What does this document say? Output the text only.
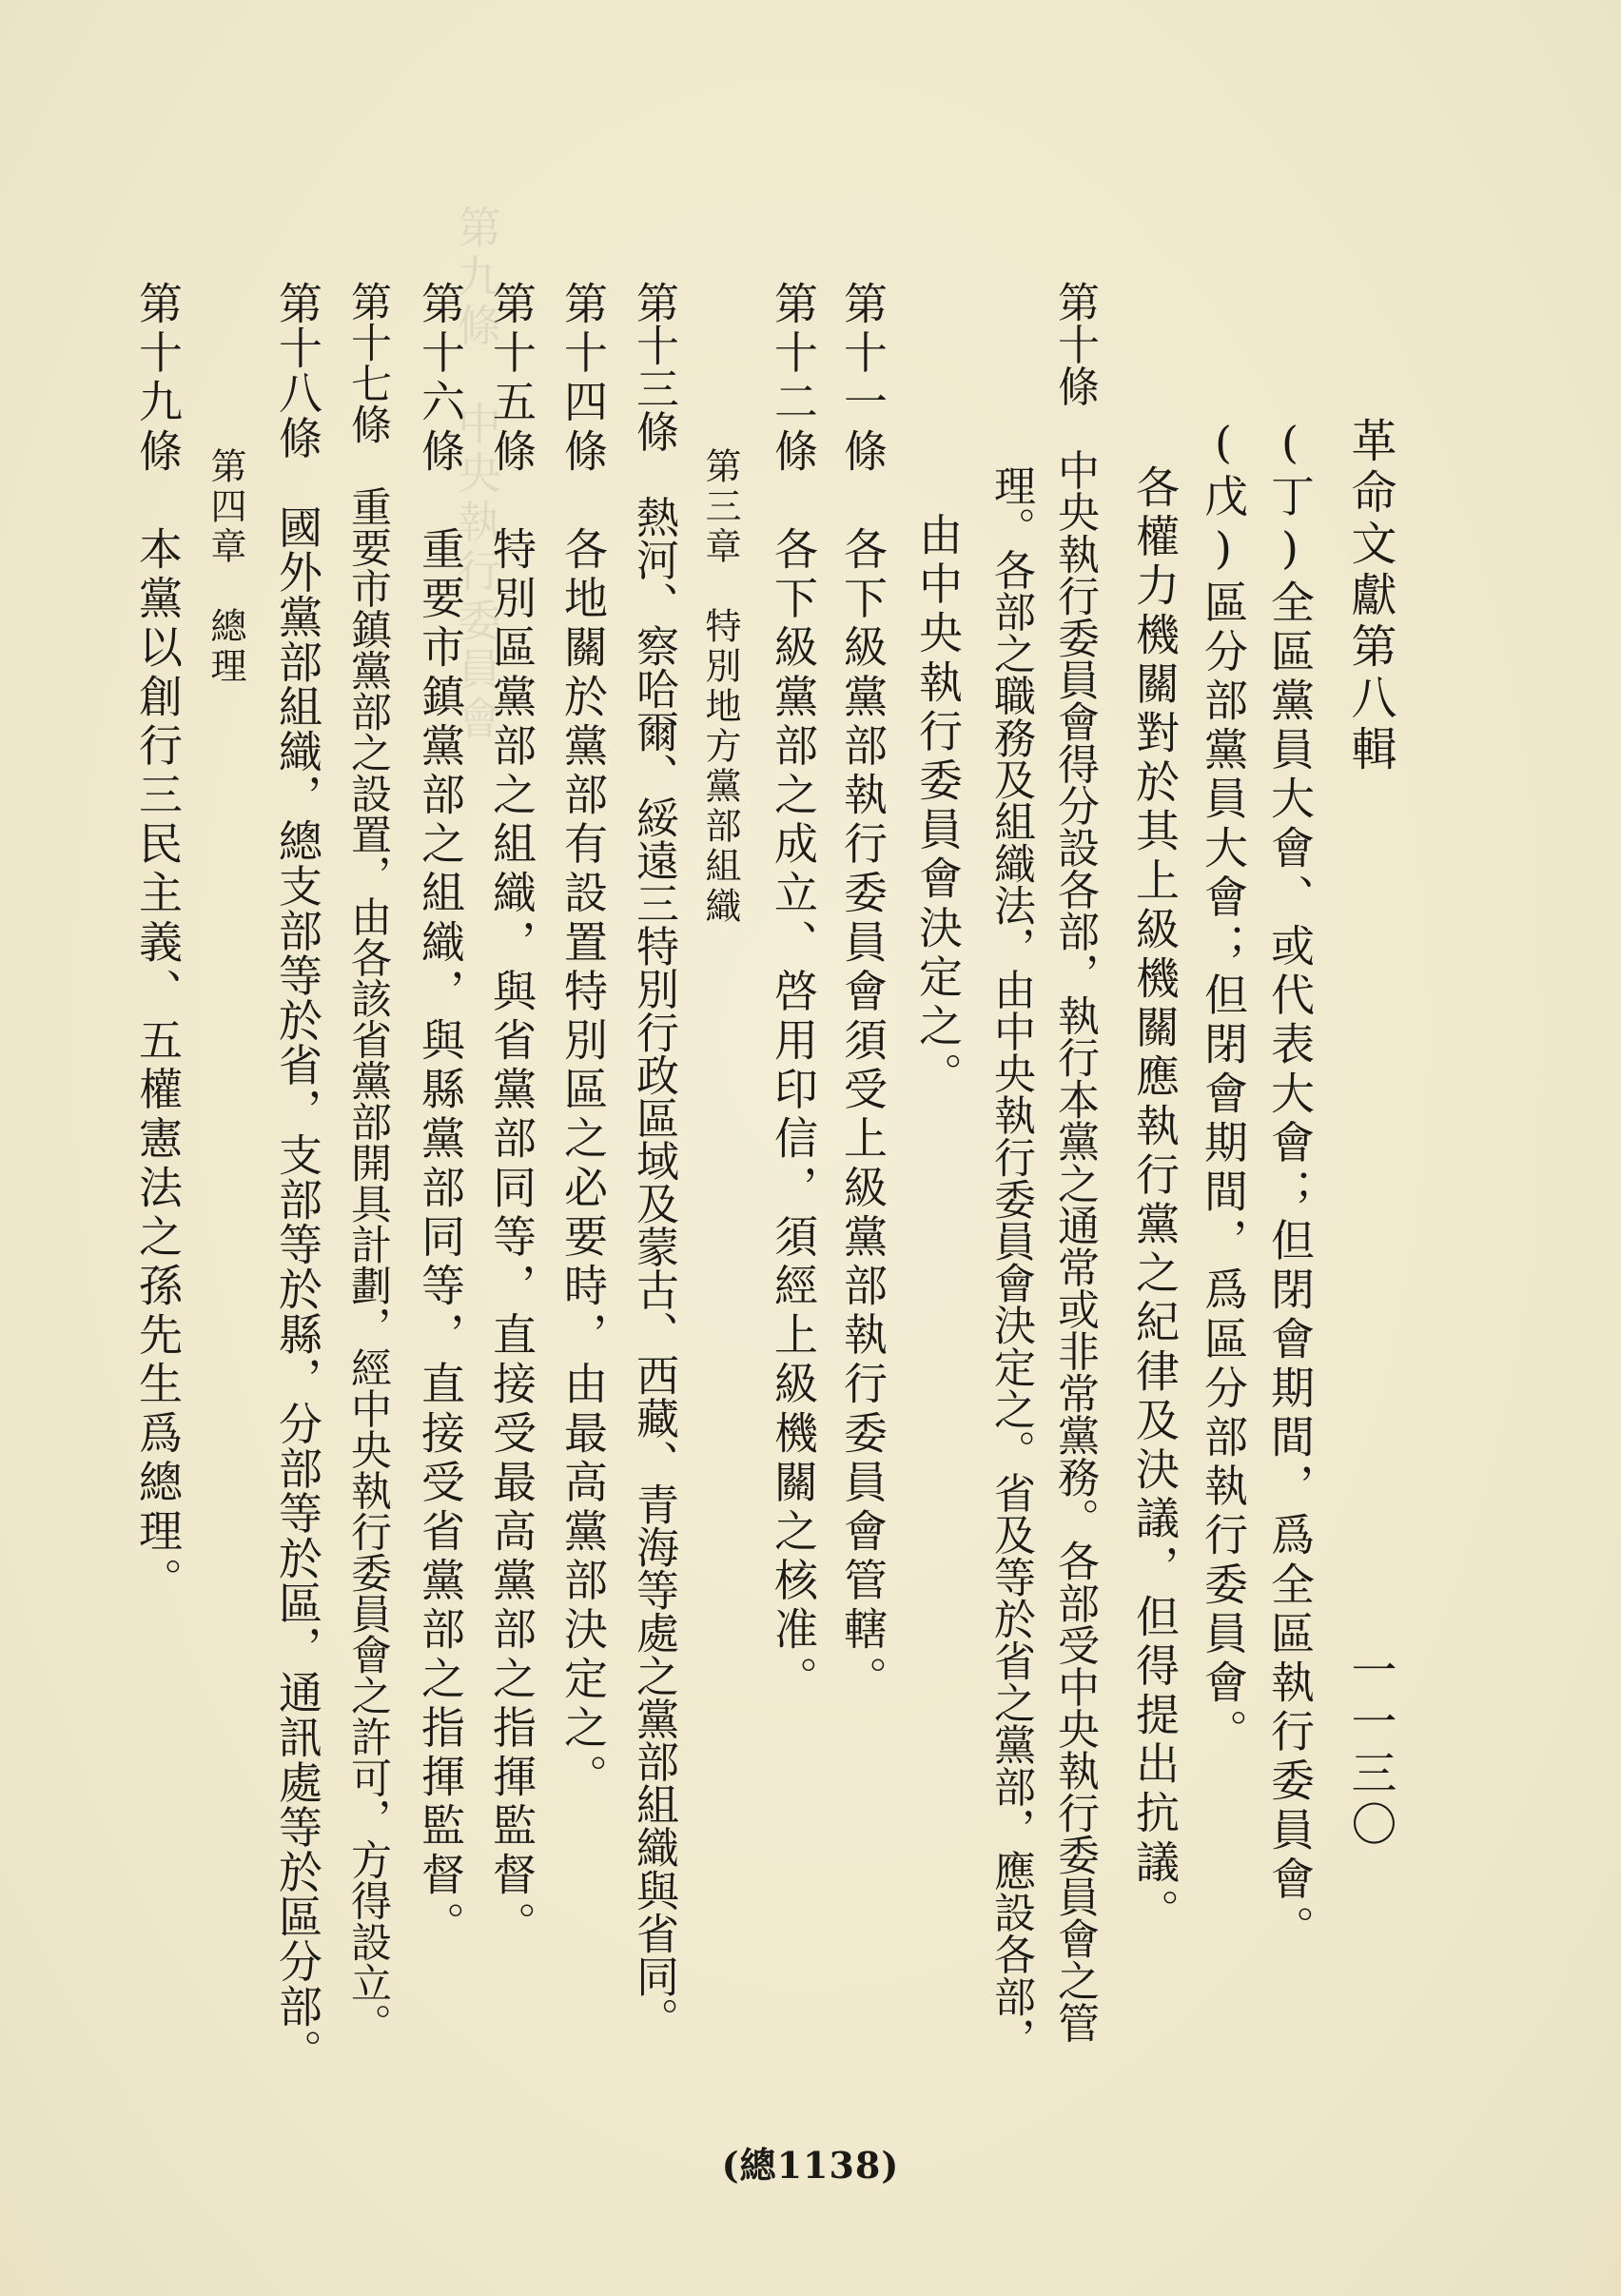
第九條　中央執行委員會	革命文獻第八輯
一一三〇
(丁)全區黨員大會、或代表大會；但閉會期間，爲全區執行委員會。
(戊)區分部黨員大會；但閉會期間，爲區分部執行委員會。
各權力機關對於其上級機關應執行黨之紀律及決議，但得提出抗議。
第十條　中央執行委員會得分設各部，執行本黨之通常或非常黨務。各部受中央執行委員會之管
理。各部之職務及組織法，由中央執行委員會決定之。省及等於省之黨部，應設各部，
由中央執行委員會決定之。
第十一條　各下級黨部執行委員會須受上級黨部執行委員會管轄。
第十二條　各下級黨部之成立、啓用印信，須經上級機關之核准。
第三章　特別地方黨部組織
第十三條　熱河、察哈爾、綏遠三特別行政區域及蒙古、西藏、青海等處之黨部組織與省同。
第十四條　各地關於黨部有設置特別區之必要時，由最高黨部決定之。
第十五條　特別區黨部之組織，與省黨部同等，直接受最高黨部之指揮監督。
第十六條　重要市鎮黨部之組織，與縣黨部同等，直接受省黨部之指揮監督。
第十七條　重要市鎮黨部之設置，由各該省黨部開具計劃，經中央執行委員會之許可，方得設立。
第十八條　國外黨部組織，總支部等於省，支部等於縣，分部等於區，通訊處等於區分部。
第四章　總理
第十九條　本黨以創行三民主義、五權憲法之孫先生爲總理。
(總1138)
